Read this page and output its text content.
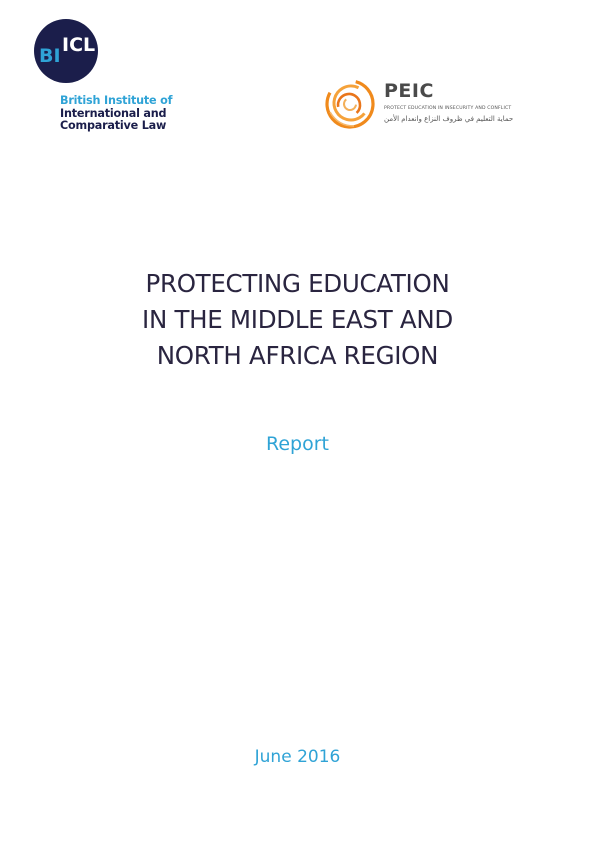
BI ICL
British Institute of
International and
Comparative Law
PEIC
PROTECT EDUCATION IN INSECURITY AND CONFLICT
حماية التعليم في ظروف النزاع وانعدام الأمن
PROTECTING EDUCATION
IN THE MIDDLE EAST AND
NORTH AFRICA REGION
Report
June 2016
